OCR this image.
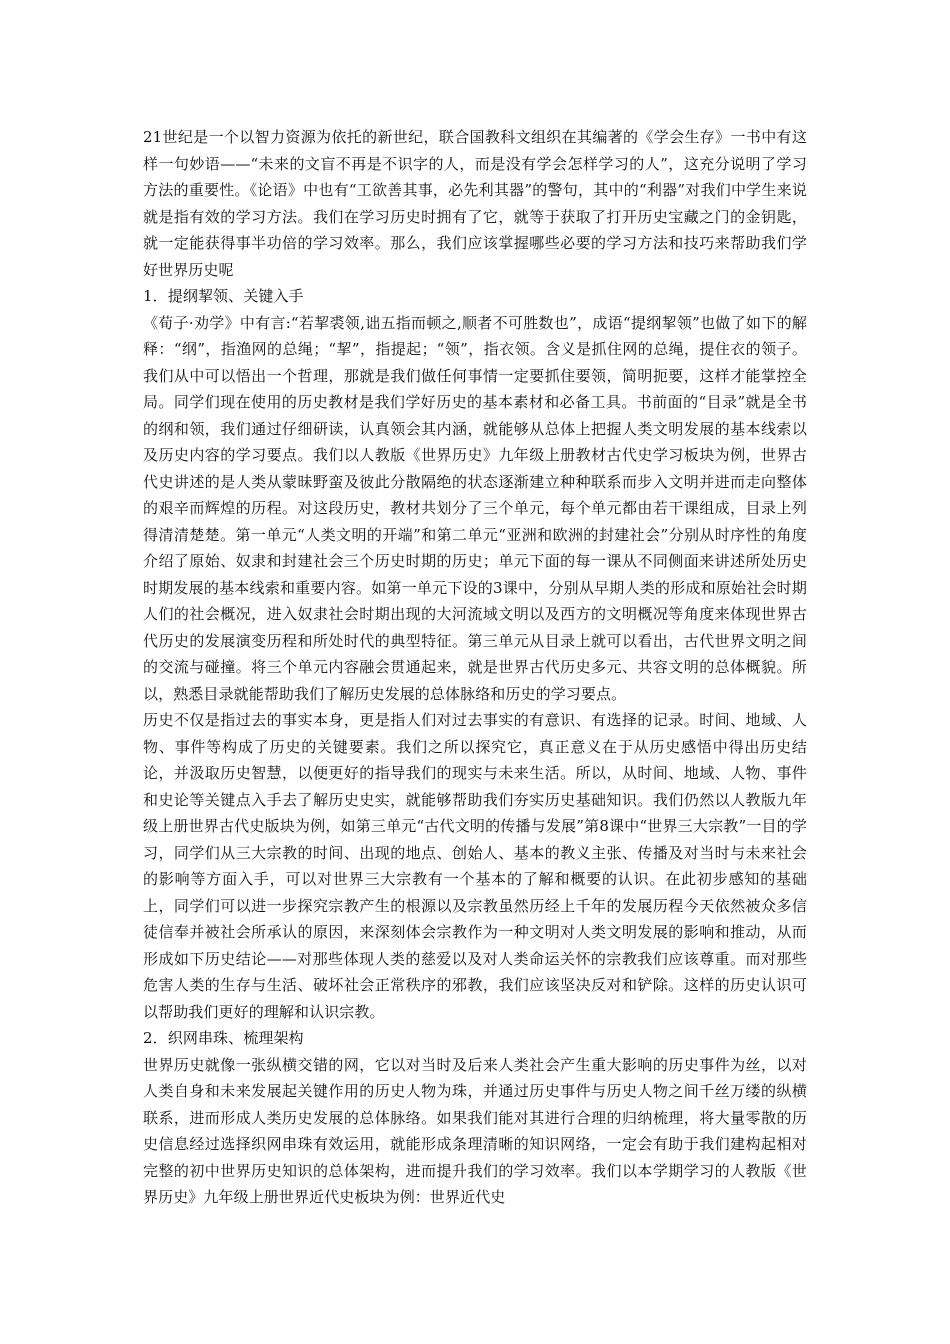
21世纪是一个以智力资源为依托的新世纪，联合国教科文组织在其编著的《学会生存》一书中有这样一句妙语——“未来的文盲不再是不识字的人，而是没有学会怎样学习的人”，这充分说明了学习方法的重要性。《论语》中也有“工欲善其事，必先利其器”的警句，其中的“利器”对我们中学生来说就是指有效的学习方法。我们在学习历史时拥有了它，就等于获取了打开历史宝藏之门的金钥匙，就一定能获得事半功倍的学习效率。那么，我们应该掌握哪些必要的学习方法和技巧来帮助我们学好世界历史呢

1．提纲挈领、关键入手

《荀子·劝学》中有言:“若挈裘领,诎五指而顿之,顺者不可胜数也”，成语“提纲挈领”也做了如下的解释：“纲”，指渔网的总绳；“挈”，指提起；“领”，指衣领。含义是抓住网的总绳，提住衣的领子。我们从中可以悟出一个哲理，那就是我们做任何事情一定要抓住要领，简明扼要，这样才能掌控全局。同学们现在使用的历史教材是我们学好历史的基本素材和必备工具。书前面的“目录”就是全书的纲和领，我们通过仔细研读，认真领会其内涵，就能够从总体上把握人类文明发展的基本线索以及历史内容的学习要点。我们以人教版《世界历史》九年级上册教材古代史学习板块为例，世界古代史讲述的是人类从蒙昧野蛮及彼此分散隔绝的状态逐渐建立种种联系而步入文明并进而走向整体的艰辛而辉煌的历程。对这段历史，教材共划分了三个单元，每个单元都由若干课组成，目录上列得清清楚楚。第一单元“人类文明的开端”和第二单元“亚洲和欧洲的封建社会”分别从时序性的角度介绍了原始、奴隶和封建社会三个历史时期的历史；单元下面的每一课从不同侧面来讲述所处历史时期发展的基本线索和重要内容。如第一单元下设的3课中，分别从早期人类的形成和原始社会时期人们的社会概况，进入奴隶社会时期出现的大河流域文明以及西方的文明概况等角度来体现世界古代历史的发展演变历程和所处时代的典型特征。第三单元从目录上就可以看出，古代世界文明之间的交流与碰撞。将三个单元内容融会贯通起来，就是世界古代历史多元、共容文明的总体概貌。所以，熟悉目录就能帮助我们了解历史发展的总体脉络和历史的学习要点。

历史不仅是指过去的事实本身，更是指人们对过去事实的有意识、有选择的记录。时间、地域、人物、事件等构成了历史的关键要素。我们之所以探究它，真正意义在于从历史感悟中得出历史结论，并汲取历史智慧，以便更好的指导我们的现实与未来生活。所以，从时间、地域、人物、事件和史论等关键点入手去了解历史史实，就能够帮助我们夯实历史基础知识。我们仍然以人教版九年级上册世界古代史版块为例，如第三单元“古代文明的传播与发展”第8课中“世界三大宗教”一目的学习，同学们从三大宗教的时间、出现的地点、创始人、基本的教义主张、传播及对当时与未来社会的影响等方面入手，可以对世界三大宗教有一个基本的了解和概要的认识。在此初步感知的基础上，同学们可以进一步探究宗教产生的根源以及宗教虽然历经上千年的发展历程今天依然被众多信徒信奉并被社会所承认的原因，来深刻体会宗教作为一种文明对人类文明发展的影响和推动，从而形成如下历史结论——对那些体现人类的慈爱以及对人类命运关怀的宗教我们应该尊重。而对那些危害人类的生存与生活、破坏社会正常秩序的邪教，我们应该坚决反对和铲除。这样的历史认识可以帮助我们更好的理解和认识宗教。

2．织网串珠、梳理架构

世界历史就像一张纵横交错的网，它以对当时及后来人类社会产生重大影响的历史事件为丝，以对人类自身和未来发展起关键作用的历史人物为珠，并通过历史事件与历史人物之间千丝万缕的纵横联系，进而形成人类历史发展的总体脉络。如果我们能对其进行合理的归纳梳理，将大量零散的历史信息经过选择织网串珠有效运用，就能形成条理清晰的知识网络，一定会有助于我们建构起相对完整的初中世界历史知识的总体架构，进而提升我们的学习效率。我们以本学期学习的人教版《世界历史》九年级上册世界近代史板块为例：世界近代史
